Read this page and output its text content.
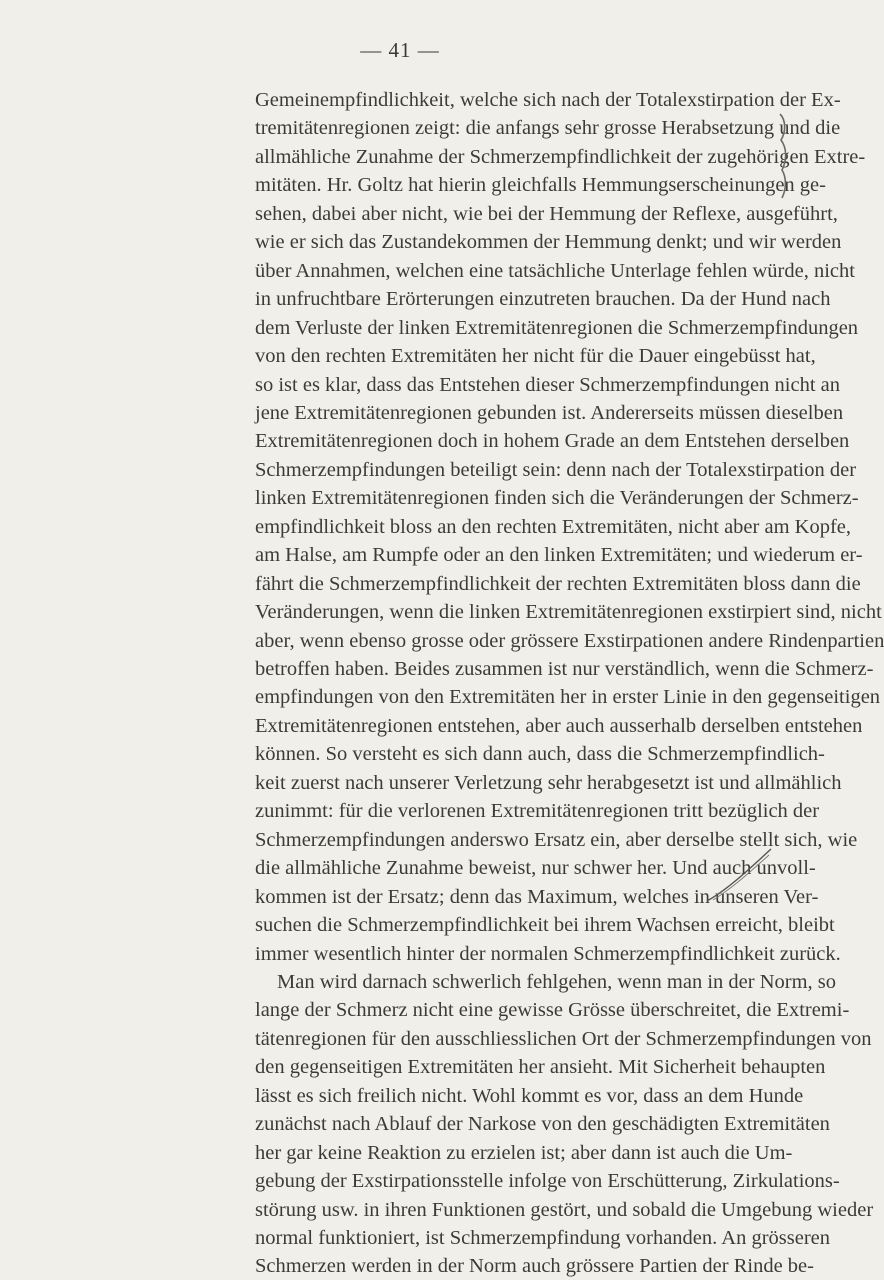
— 41 —
Gemeinempfindlichkeit, welche sich nach der Totalexstirpation der Ex-
tremitätenregionen zeigt: die anfangs sehr grosse Herabsetzung und die
allmähliche Zunahme der Schmerzempfindlichkeit der zugehörigen Extre-
mitäten. Hr. Goltz hat hierin gleichfalls Hemmungserscheinungen ge-
sehen, dabei aber nicht, wie bei der Hemmung der Reflexe, ausgeführt,
wie er sich das Zustandekommen der Hemmung denkt; und wir werden
über Annahmen, welchen eine tatsächliche Unterlage fehlen würde, nicht
in unfruchtbare Erörterungen einzutreten brauchen. Da der Hund nach
dem Verluste der linken Extremitätenregionen die Schmerzempfindungen
von den rechten Extremitäten her nicht für die Dauer eingebüsst hat,
so ist es klar, dass das Entstehen dieser Schmerzempfindungen nicht an
jene Extremitätenregionen gebunden ist. Andererseits müssen dieselben
Extremitätenregionen doch in hohem Grade an dem Entstehen derselben
Schmerzempfindungen beteiligt sein: denn nach der Totalexstirpation der
linken Extremitätenregionen finden sich die Veränderungen der Schmerz-
empfindlichkeit bloss an den rechten Extremitäten, nicht aber am Kopfe,
am Halse, am Rumpfe oder an den linken Extremitäten; und wiederum er-
fährt die Schmerzempfindlichkeit der rechten Extremitäten bloss dann die
Veränderungen, wenn die linken Extremitätenregionen exstirpiert sind, nicht
aber, wenn ebenso grosse oder grössere Exstirpationen andere Rindenpartien
betroffen haben. Beides zusammen ist nur verständlich, wenn die Schmerz-
empfindungen von den Extremitäten her in erster Linie in den gegenseitigen
Extremitätenregionen entstehen, aber auch ausserhalb derselben entstehen
können. So versteht es sich dann auch, dass die Schmerzempfindlich-
keit zuerst nach unserer Verletzung sehr herabgesetzt ist und allmählich
zunimmt: für die verlorenen Extremitätenregionen tritt bezüglich der
Schmerzempfindungen anderswo Ersatz ein, aber derselbe stellt sich, wie
die allmähliche Zunahme beweist, nur schwer her. Und auch unvoll-
kommen ist der Ersatz; denn das Maximum, welches in unseren Ver-
suchen die Schmerzempfindlichkeit bei ihrem Wachsen erreicht, bleibt
immer wesentlich hinter der normalen Schmerzempfindlichkeit zurück.
Man wird darnach schwerlich fehlgehen, wenn man in der Norm, so
lange der Schmerz nicht eine gewisse Grösse überschreitet, die Extremi-
tätenregionen für den ausschliesslichen Ort der Schmerzempfindungen von
den gegenseitigen Extremitäten her ansieht. Mit Sicherheit behaupten
lässt es sich freilich nicht. Wohl kommt es vor, dass an dem Hunde
zunächst nach Ablauf der Narkose von den geschädigten Extremitäten
her gar keine Reaktion zu erzielen ist; aber dann ist auch die Um-
gebung der Exstirpationsstelle infolge von Erschütterung, Zirkulations-
störung usw. in ihren Funktionen gestört, und sobald die Umgebung wieder
normal funktioniert, ist Schmerzempfindung vorhanden. An grösseren
Schmerzen werden in der Norm auch grössere Partien der Rinde be-
